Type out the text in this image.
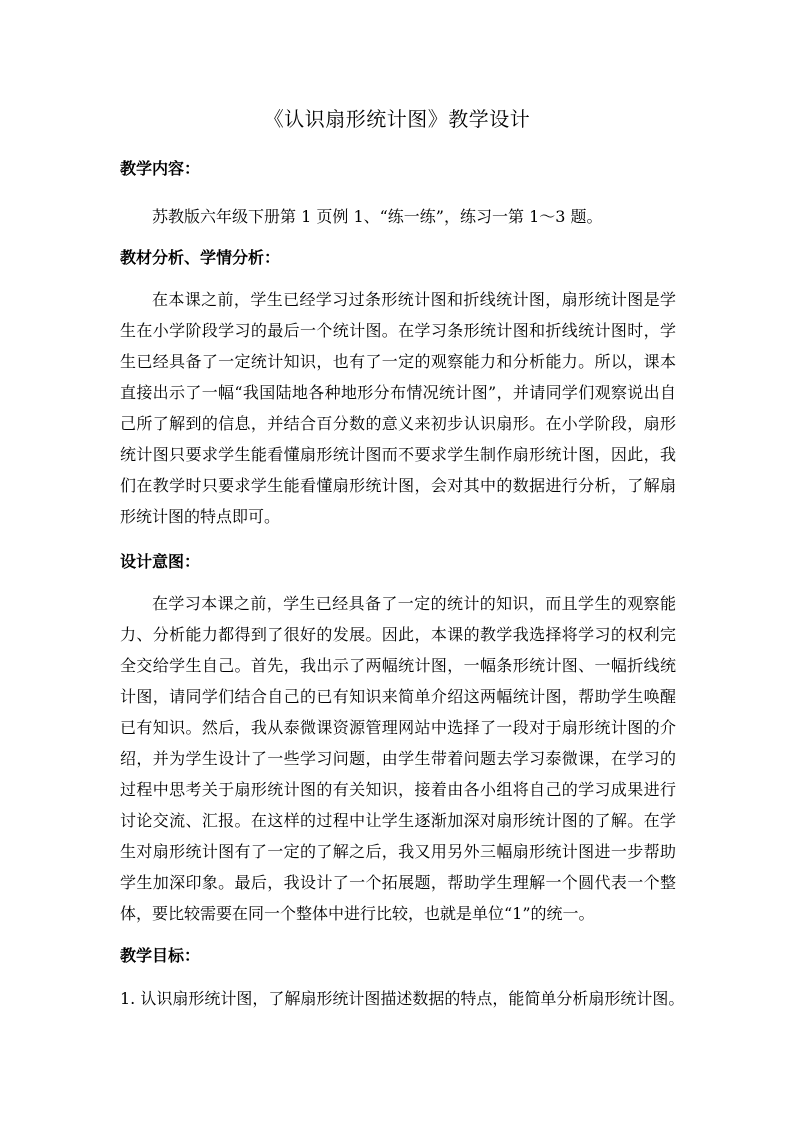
《认识扇形统计图》教学设计
教学内容：
苏教版六年级下册第 1 页例 1、“练一练”，练习一第 1～3 题。
教材分析、学情分析：
在本课之前，学生已经学习过条形统计图和折线统计图，扇形统计图是学生在小学阶段学习的最后一个统计图。在学习条形统计图和折线统计图时，学生已经具备了一定统计知识，也有了一定的观察能力和分析能力。所以，课本直接出示了一幅“我国陆地各种地形分布情况统计图”，并请同学们观察说出自己所了解到的信息，并结合百分数的意义来初步认识扇形。在小学阶段，扇形统计图只要求学生能看懂扇形统计图而不要求学生制作扇形统计图，因此，我们在教学时只要求学生能看懂扇形统计图，会对其中的数据进行分析，了解扇形统计图的特点即可。
设计意图：
在学习本课之前，学生已经具备了一定的统计的知识，而且学生的观察能力、分析能力都得到了很好的发展。因此，本课的教学我选择将学习的权利完全交给学生自己。首先，我出示了两幅统计图，一幅条形统计图、一幅折线统计图，请同学们结合自己的已有知识来简单介绍这两幅统计图，帮助学生唤醒已有知识。然后，我从泰微课资源管理网站中选择了一段对于扇形统计图的介绍，并为学生设计了一些学习问题，由学生带着问题去学习泰微课，在学习的过程中思考关于扇形统计图的有关知识，接着由各小组将自己的学习成果进行讨论交流、汇报。在这样的过程中让学生逐渐加深对扇形统计图的了解。在学生对扇形统计图有了一定的了解之后，我又用另外三幅扇形统计图进一步帮助学生加深印象。最后，我设计了一个拓展题，帮助学生理解一个圆代表一个整体，要比较需要在同一个整体中进行比较，也就是单位“1”的统一。
教学目标：
1. 认识扇形统计图，了解扇形统计图描述数据的特点，能简单分析扇形统计图。
